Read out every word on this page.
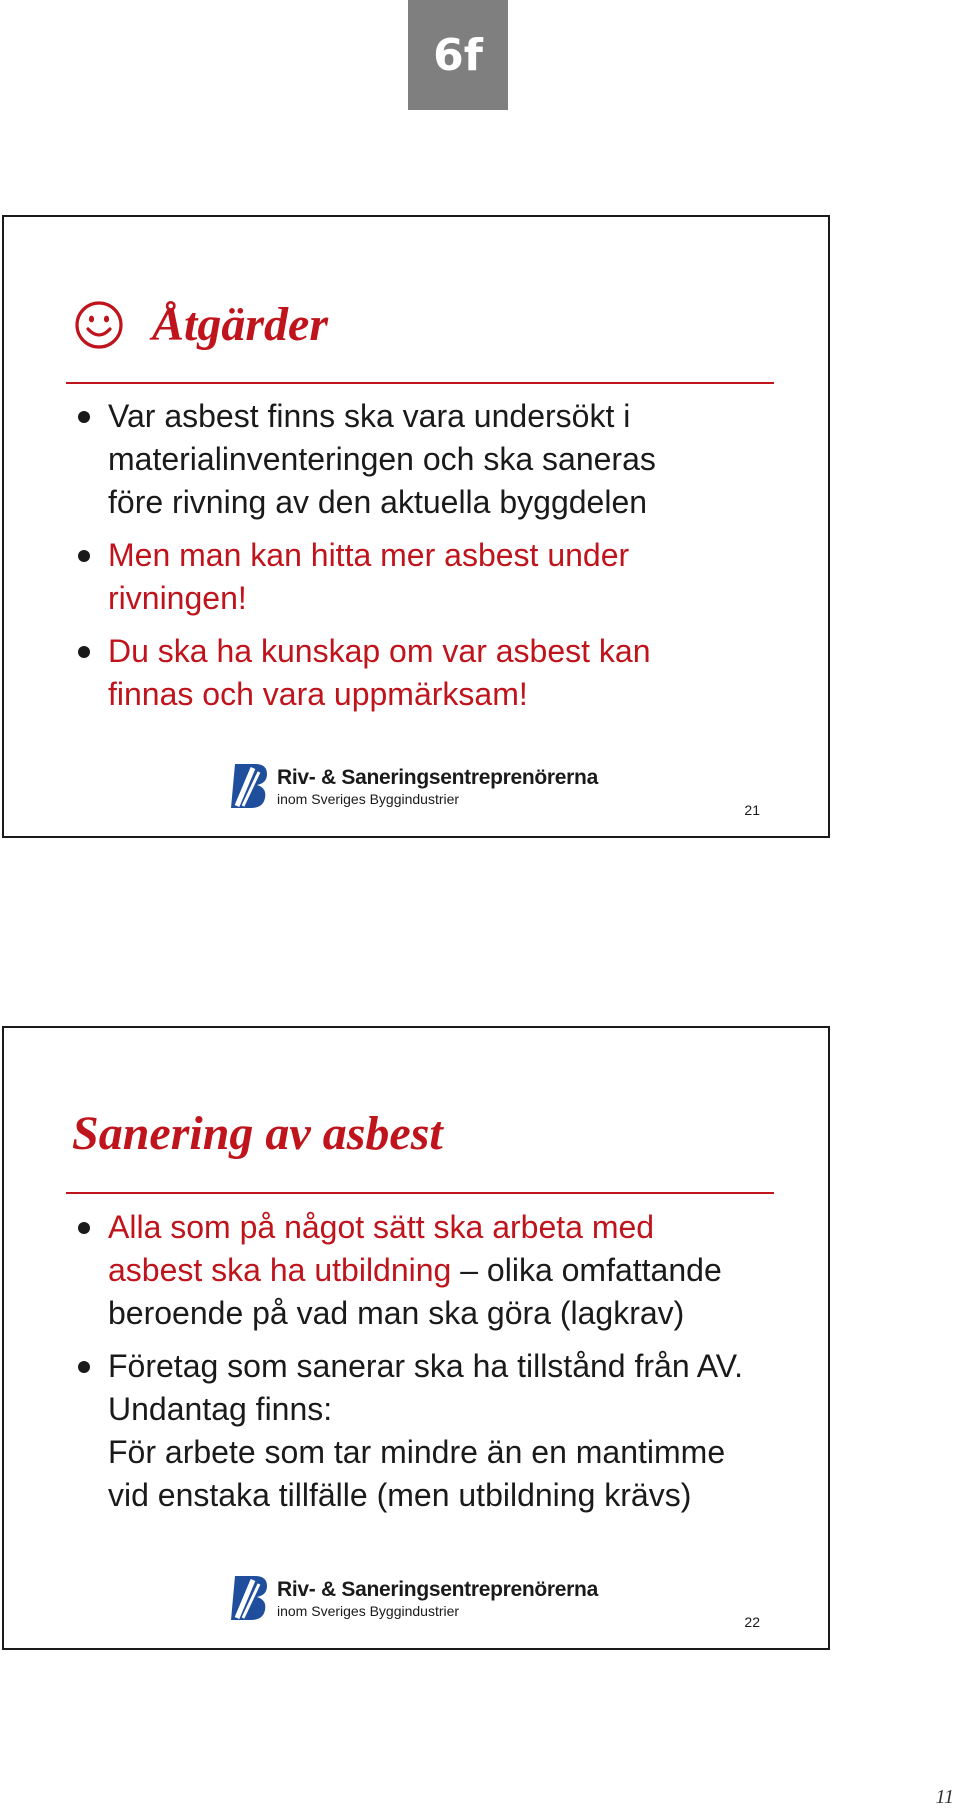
6f
Åtgärder
Var asbest finns ska vara undersökt i
materialinventeringen och ska saneras
före rivning av den aktuella byggdelen
Men man kan hitta mer asbest under
rivningen!
Du ska ha kunskap om var asbest kan
finnas och vara uppmärksam!
Riv- & Saneringsentreprenörerna
inom Sveriges Byggindustrier
21
Sanering av asbest
Alla som på något sätt ska arbeta med
asbest ska ha utbildning – olika omfattande
beroende på vad man ska göra (lagkrav)
Företag som sanerar ska ha tillstånd från AV.
Undantag finns:
För arbete som tar mindre än en mantimme
vid enstaka tillfälle (men utbildning krävs)
Riv- & Saneringsentreprenörerna
inom Sveriges Byggindustrier
22
11
